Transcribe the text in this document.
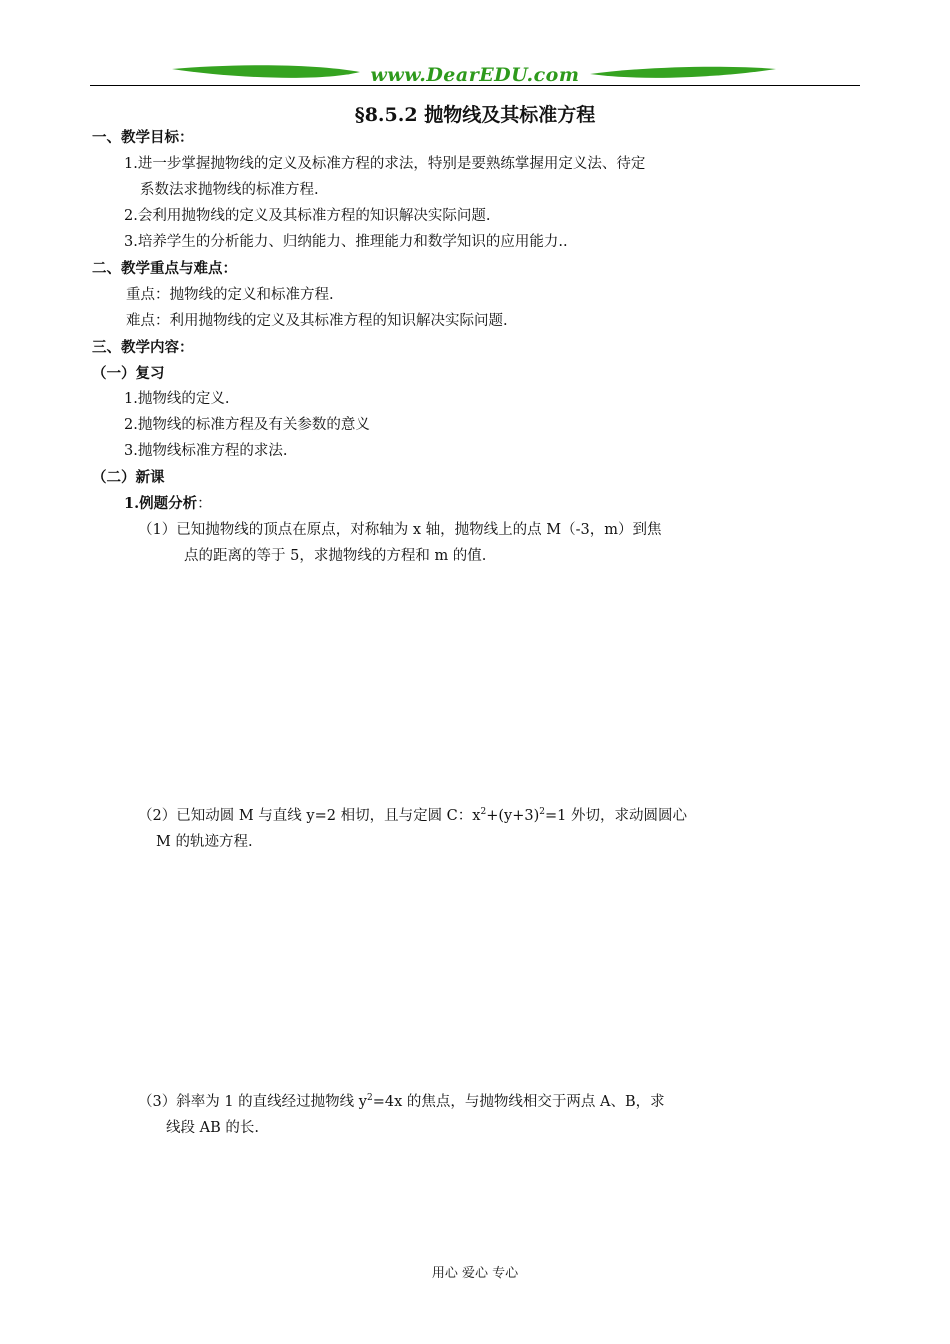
www.DearEDU.com
§8.5.2 抛物线及其标准方程
一、教学目标：
1.进一步掌握抛物线的定义及标准方程的求法，特别是要熟练掌握用定义法、待定
系数法求抛物线的标准方程.
2.会利用抛物线的定义及其标准方程的知识解决实际问题.
3.培养学生的分析能力、归纳能力、推理能力和数学知识的应用能力..
二、教学重点与难点：
重点：抛物线的定义和标准方程.
难点：利用抛物线的定义及其标准方程的知识解决实际问题.
三、教学内容：
（一）复习
1.抛物线的定义.
2.抛物线的标准方程及有关参数的意义
3.抛物线标准方程的求法.
（二）新课
1.例题分析：
（1）已知抛物线的顶点在原点，对称轴为 x 轴，抛物线上的点 M（-3，m）到焦
点的距离的等于 5，求抛物线的方程和 m 的值.
（2）已知动圆 M 与直线 y=2 相切，且与定圆 C：$x^2+(y+3)^2=1$ 外切，求动圆圆心
M 的轨迹方程.
（3）斜率为 1 的直线经过抛物线 $y^2=4x$ 的焦点，与抛物线相交于两点 A、B，求
线段 AB 的长.
用心 爱心 专心
